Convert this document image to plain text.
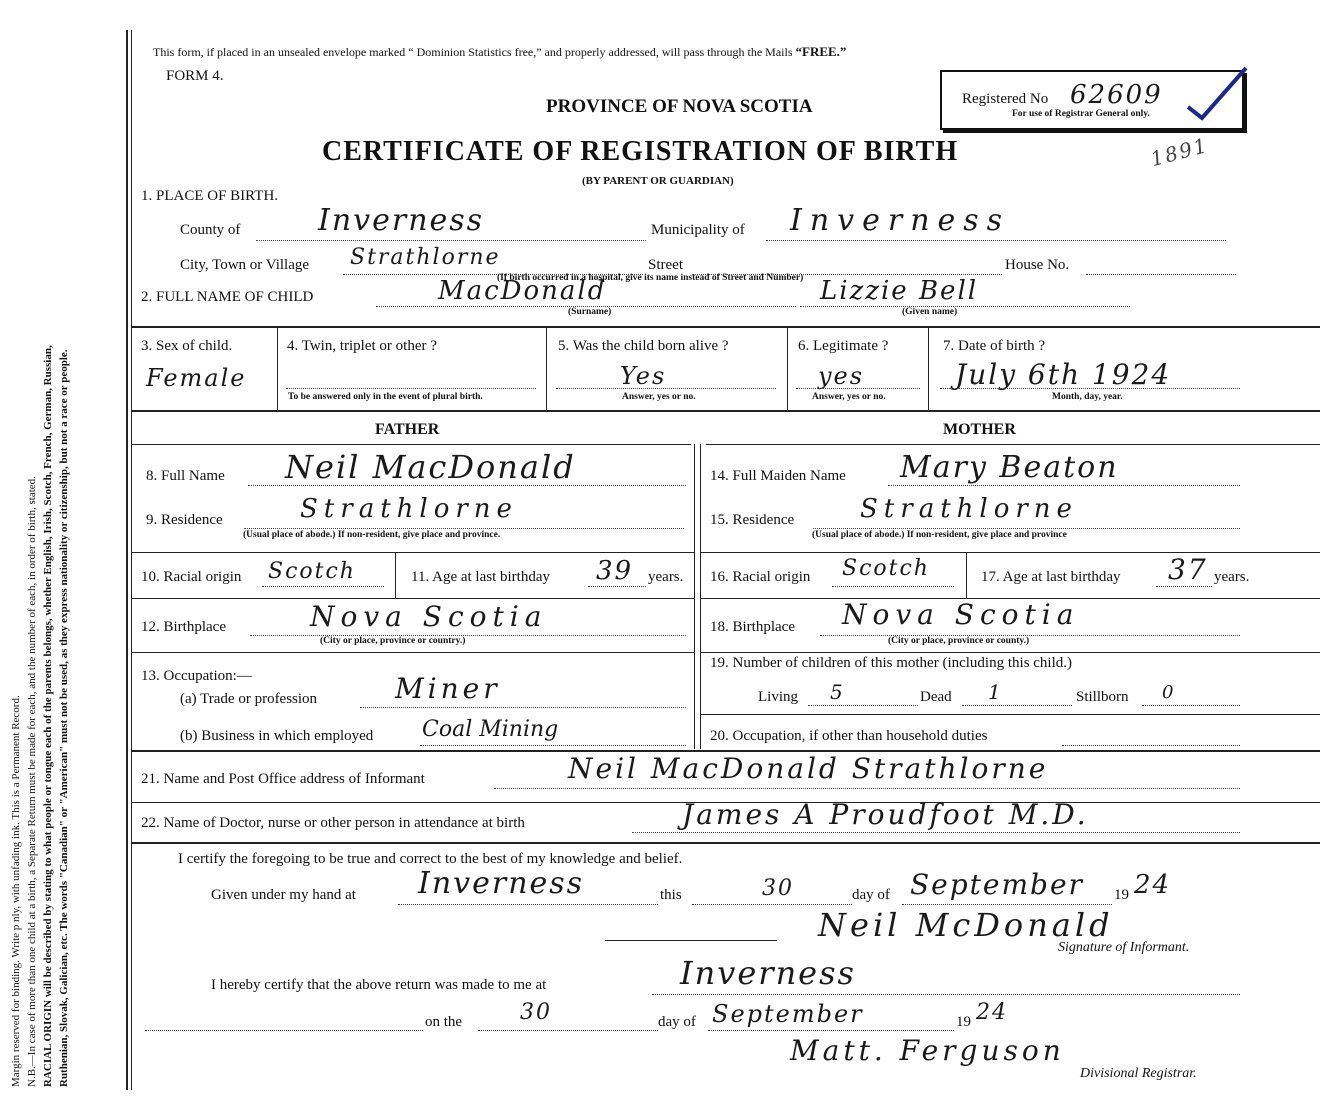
Margin reserved for binding. Write p nly, with unfading ink. This is a Permanent Record. N.B.—In case of more than one child at a birth, a Separate Return must be made for each, and the number of each, in order of birth, stated. RACIAL ORIGIN will be described by stating to what people or tongue each of the parents belongs, whether English, Irish, Scotch, French, German, Russian, Ruthenian, Slovak, Galician, etc. The words "Canadian" or "American" must not be used, as they express nationality or citizenship, but not a race or people.
This form, if placed in an unsealed envelope marked “ Dominion Statistics free,” and properly addressed, will pass through the Mails “FREE.”
FORM 4.
PROVINCE OF NOVA SCOTIA
CERTIFICATE OF REGISTRATION OF BIRTH
(BY PARENT OR GUARDIAN)
Registered No 62609
For use of Registrar General only.
1891
1. PLACE OF BIRTH.
County of	Inverness	Municipality of Inverness
City, Town or Village Strathlorne	Street	House No.
(If birth occurred in a hospital, give its name instead of Street and Number)
2. FULL NAME OF CHILD	MacDonald	Lizzie Bell
(Surname)	(Given name)
3. Sex of child.
Female
4. Twin, triplet or other ?
To be answered only in the event of plural birth.
5. Was the child born alive ?
Yes
Answer, yes or no.
6. Legitimate ?
yes
Answer, yes or no.
7. Date of birth ?
July 6th 1924
Month, day, year.
FATHER	MOTHER
8. Full Name Neil MacDonald
9. Residence	Strathlorne
(Usual place of abode.) If non-resident, give place and province.
10. Racial origin Scotch	11. Age at last birthday 39 years.
12. Birthplace	Nova Scotia
(City or place, province or country.)
13. Occupation:—
(a) Trade or profession	Miner
(b) Business in which employed Coal Mining
14. Full Maiden Name Mary Beaton
15. Residence	Strathlorne
(Usual place of abode.) If non-resident, give place and province
16. Racial origin Scotch	17. Age at last birthday 37 years.
18. Birthplace Nova Scotia
(City or place, province or county.)
19. Number of children of this mother (including this child.)
Living 5	Dead 1	Stillborn 0
20. Occupation, if other than household duties
21. Name and Post Office address of Informant	Neil MacDonald Strathlorne
22. Name of Doctor, nurse or other person in attendance at birth	James A Proudfoot M.D.
I certify the foregoing to be true and correct to the best of my knowledge and belief.
Given under my hand at Inverness	this	30	day of September 19 24
Neil McDonald
Signature of Informant.
I hereby certify that the above return was made to me at	Inverness
on the	30	day of September	19 24
Matt. Ferguson
Divisional Registrar.
